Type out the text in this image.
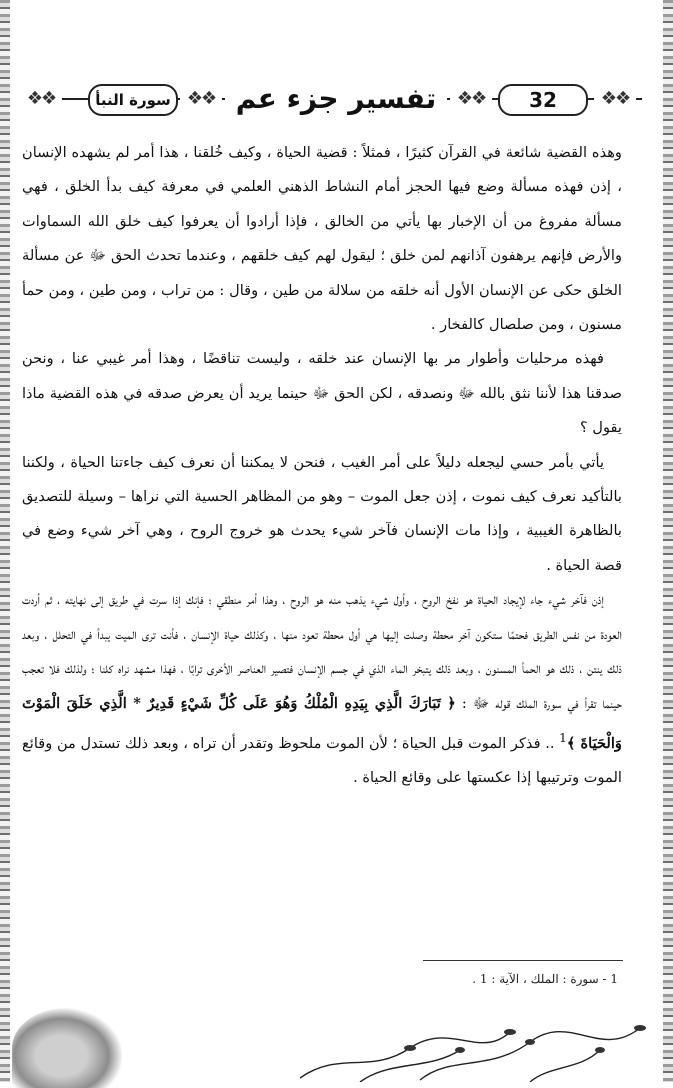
❖❖	سورة النبأ ❖❖ تفسير جزء عم	❖❖	32	❖❖

وهذه القضية شائعة في القرآن كثيرًا ، فمثلاً : قضية الحياة ، وكيف خُلقنا ، هذا أمر لم يشهده الإنسان ، إذن فهذه مسألة وضع فيها الحجز أمام النشاط الذهني العلمي في معرفة كيف بدأ الخلق ، فهي مسألة مفروغ من أن الإخبار بها يأتي من الخالق ، فإذا أرادوا أن يعرفوا كيف خلق الله السماوات والأرض فإنهم يرهفون آذانهم لمن خلق ؛ ليقول لهم كيف خلقهم ، وعندما تحدث الحق ﷻ عن مسألة الخلق حكى عن الإنسان الأول أنه خلقه من سلالة من طين ، وقال : من تراب ، ومن طين ، ومن حمأ مسنون ، ومن صلصال كالفخار .

فهذه مرحليات وأطوار مر بها الإنسان عند خلقه ، وليست تناقضًا ، وهذا أمر غيبي عنا ، ونحن صدقنا هذا لأننا نثق بالله ﷻ ونصدقه ، لكن الحق ﷻ حينما يريد أن يعرض صدقه في هذه القضية ماذا يقول ؟

يأتي بأمر حسي ليجعله دليلاً على أمر الغيب ، فنحن لا يمكننا أن نعرف كيف جاءتنا الحياة ، ولكننا بالتأكيد نعرف كيف نموت ، إذن جعل الموت – وهو من المظاهر الحسية التي نراها – وسيلة للتصديق بالظاهرة الغيبية ، وإذا مات الإنسان فآخر شيء يحدث هو خروج الروح ، وهي آخر شيء وضع في قصة الحياة .

إذن فآخر شيء جاء لإيجاد الحياة هو نفخ الروح ، وأول شيء يذهب منه هو الروح ، وهذا أمر منطقي ؛ فإنك إذا سرت في طريق إلى نهايته ، ثم أردت العودة من نفس الطريق فحتمًا ستكون آخر محطة وصلت إليها هي أول محطة تعود منها ، وكذلك حياة الإنسان ، فأنت ترى الميت يبدأ في التحلل ، وبعد ذلك ينتن ، ذلك هو الحمأ المسنون ، وبعد ذلك يتبخر الماء الذي في جسم الإنسان فتصير العناصر الأخرى ترابًا ، فهذا مشهد نراه كلنا ؛ ولذلك فلا تعجب حينما تقرأ في سورة الملك قوله ﷻ : ﴿ تَبَارَكَ الَّذِي بِيَدِهِ الْمُلْكُ وَهُوَ عَلَى كُلِّ شَيْءٍ قَدِيرٌ * الَّذِي خَلَقَ الْمَوْتَ وَالْحَيَاةَ ﴾$^1$ .. فذكر الموت قبل الحياة ؛ لأن الموت ملحوظ وتقدر أن تراه ، وبعد ذلك تستدل من وقائع الموت وترتيبها إذا عكستها على وقائع الحياة .

1 - سورة : الملك ، الآية : 1 .
